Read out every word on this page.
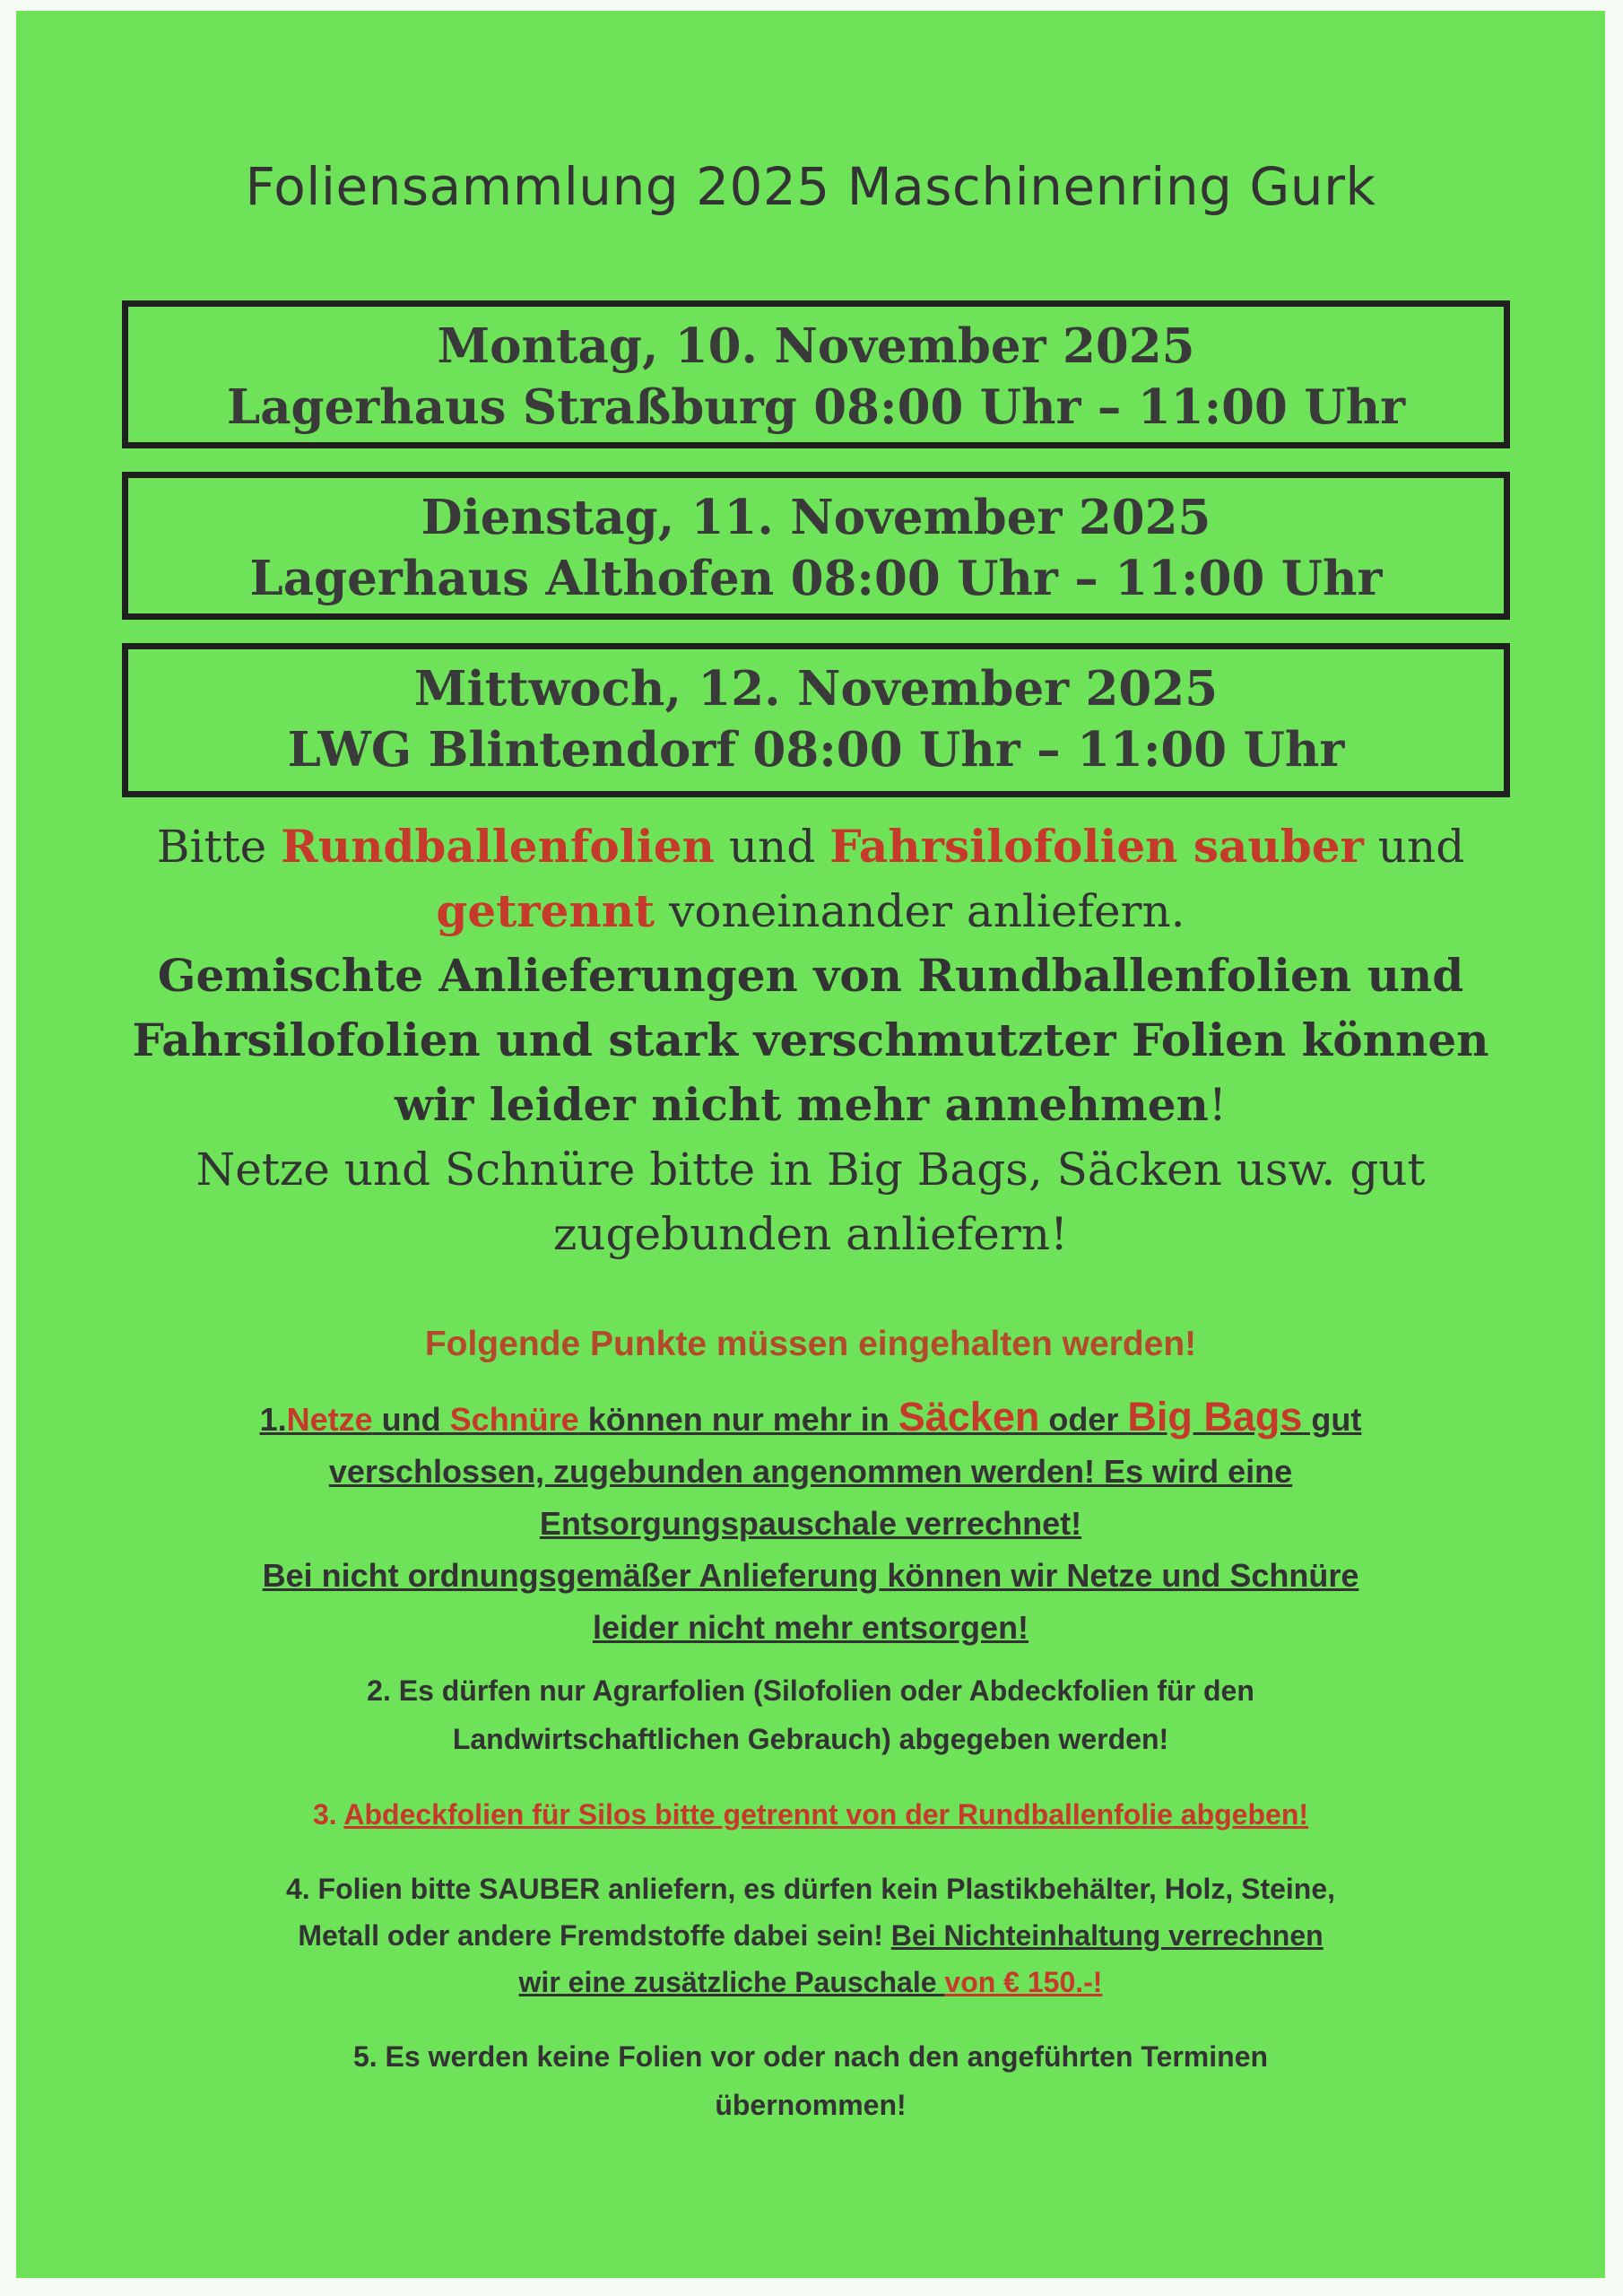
Foliensammlung 2025 Maschinenring Gurk
Montag, 10. November 2025
Lagerhaus Straßburg 08:00 Uhr – 11:00 Uhr
Dienstag, 11. November 2025
Lagerhaus Althofen 08:00 Uhr – 11:00 Uhr
Mittwoch, 12. November 2025
LWG Blintendorf 08:00 Uhr – 11:00 Uhr
Bitte Rundballenfolien und Fahrsilofolien sauber und
getrennt voneinander anliefern.
Gemischte Anlieferungen von Rundballenfolien und
Fahrsilofolien und stark verschmutzter Folien können
wir leider nicht mehr annehmen!
Netze und Schnüre bitte in Big Bags, Säcken usw. gut
zugebunden anliefern!
Folgende Punkte müssen eingehalten werden!
1.Netze und Schnüre können nur mehr in Säcken oder Big Bags gut
verschlossen, zugebunden angenommen werden! Es wird eine
Entsorgungspauschale verrechnet!
Bei nicht ordnungsgemäßer Anlieferung können wir Netze und Schnüre
leider nicht mehr entsorgen!
2. Es dürfen nur Agrarfolien (Silofolien oder Abdeckfolien für den
Landwirtschaftlichen Gebrauch) abgegeben werden!
3. Abdeckfolien für Silos bitte getrennt von der Rundballenfolie abgeben!
4. Folien bitte SAUBER anliefern, es dürfen kein Plastikbehälter, Holz, Steine,
Metall oder andere Fremdstoffe dabei sein! Bei Nichteinhaltung verrechnen
wir eine zusätzliche Pauschale von € 150.-!
5. Es werden keine Folien vor oder nach den angeführten Terminen
übernommen!
